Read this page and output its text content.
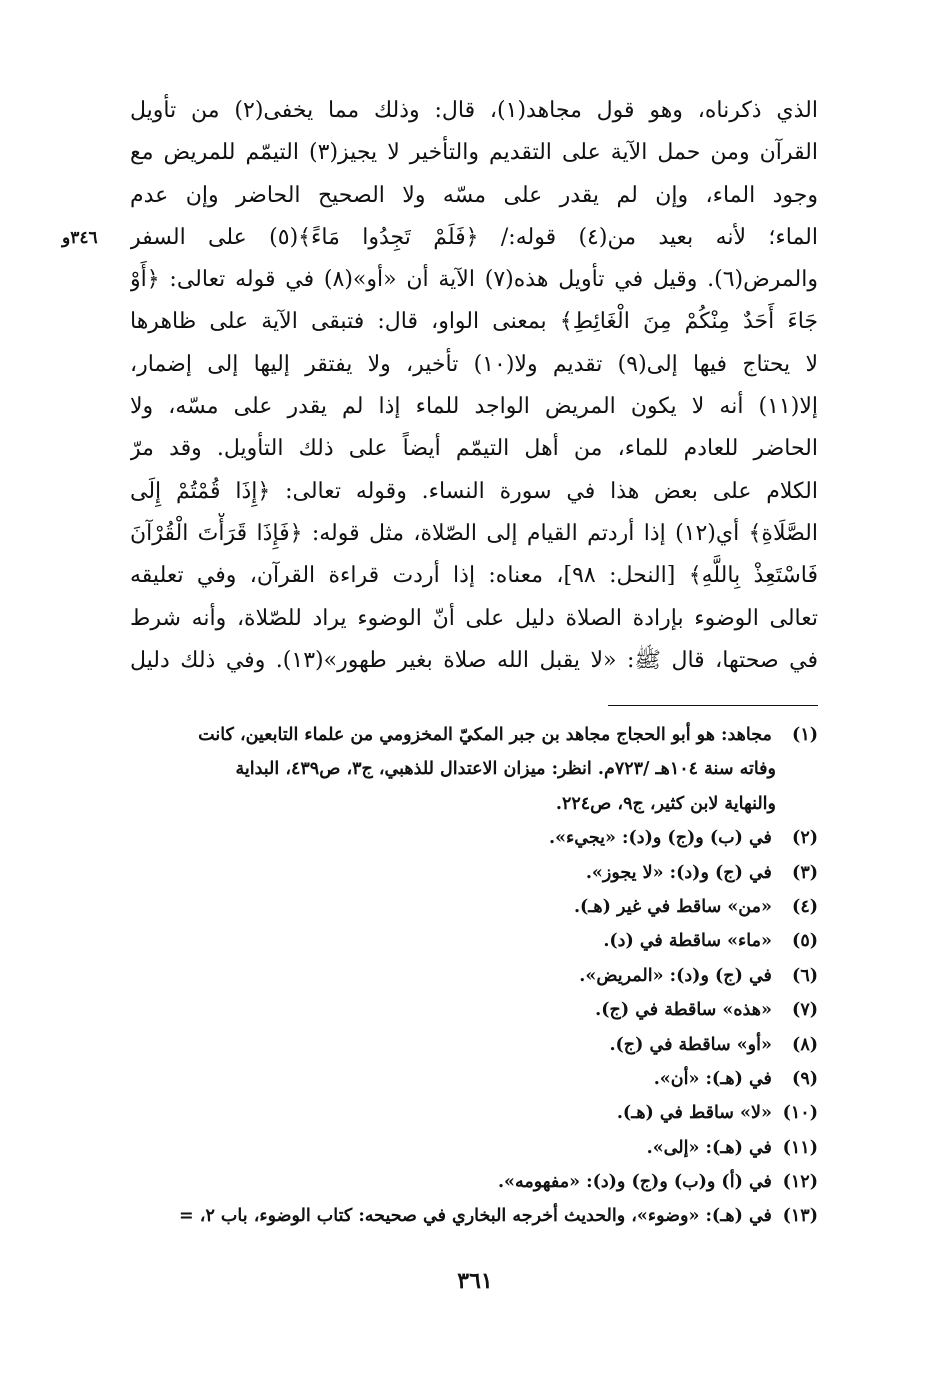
٣٤٦و
الذي ذكرناه، وهو قول مجاهد(١)، قال: وذلك مما يخفى(٢) من تأويل
القرآن ومن حمل الآية على التقديم والتأخير لا يجيز(٣) التيمّم للمريض مع
وجود الماء، وإن لم يقدر على مسّه ولا الصحيح الحاضر وإن عدم
الماء؛ لأنه بعيد من(٤) قوله:/ ﴿فَلَمْ تَجِدُوا مَاءً﴾(٥) على السفر
والمرض(٦). وقيل في تأويل هذه(٧) الآية أن «أو»(٨) في قوله تعالى: ﴿أَوْ
جَاءَ أَحَدٌ مِنْكُمْ مِنَ الْغَائِطِ﴾ بمعنى الواو، قال: فتبقى الآية على ظاهرها
لا يحتاج فيها إلى(٩) تقديم ولا(١٠) تأخير، ولا يفتقر إليها إلى إضمار،
إلا(١١) أنه لا يكون المريض الواجد للماء إذا لم يقدر على مسّه، ولا
الحاضر للعادم للماء، من أهل التيمّم أيضاً على ذلك التأويل. وقد مرّ
الكلام على بعض هذا في سورة النساء. وقوله تعالى: ﴿إِذَا قُمْتُمْ إِلَى
الصَّلَاةِ﴾ أي(١٢) إذا أردتم القيام إلى الصّلاة، مثل قوله: ﴿فَإِذَا قَرَأْتَ الْقُرْآنَ
فَاسْتَعِذْ بِاللَّهِ﴾ [النحل: ٩٨]، معناه: إذا أردت قراءة القرآن، وفي تعليقه
تعالى الوضوء بإرادة الصلاة دليل على أنّ الوضوء يراد للصّلاة، وأنه شرط
في صحتها، قال ﷺ: «لا يقبل الله صلاة بغير طهور»(١٣). وفي ذلك دليل
(١) مجاهد: هو أبو الحجاج مجاهد بن جبر المكيّ المخزومي من علماء التابعين، كانت
وفاته سنة ١٠٤هـ /٧٢٣م. انظر: ميزان الاعتدال للذهبي، ج٣، ص٤٣٩، البداية
والنهاية لابن كثير، ج٩، ص٢٢٤.
(٢) في (ب) و(ج) و(د): «يجيء».
(٣) في (ج) و(د): «لا يجوز».
(٤) «من» ساقط في غير (هـ).
(٥) «ماء» ساقطة في (د).
(٦) في (ج) و(د): «المريض».
(٧) «هذه» ساقطة في (ج).
(٨) «أو» ساقطة في (ج).
(٩) في (هـ): «أن».
(١٠) «لا» ساقط في (هـ).
(١١) في (هـ): «إلى».
(١٢) في (أ) و(ب) و(ج) و(د): «مفهومه».
(١٣) في (هـ): «وضوء»، والحديث أخرجه البخاري في صحيحه: كتاب الوضوء، باب ٢، =
٣٦١
